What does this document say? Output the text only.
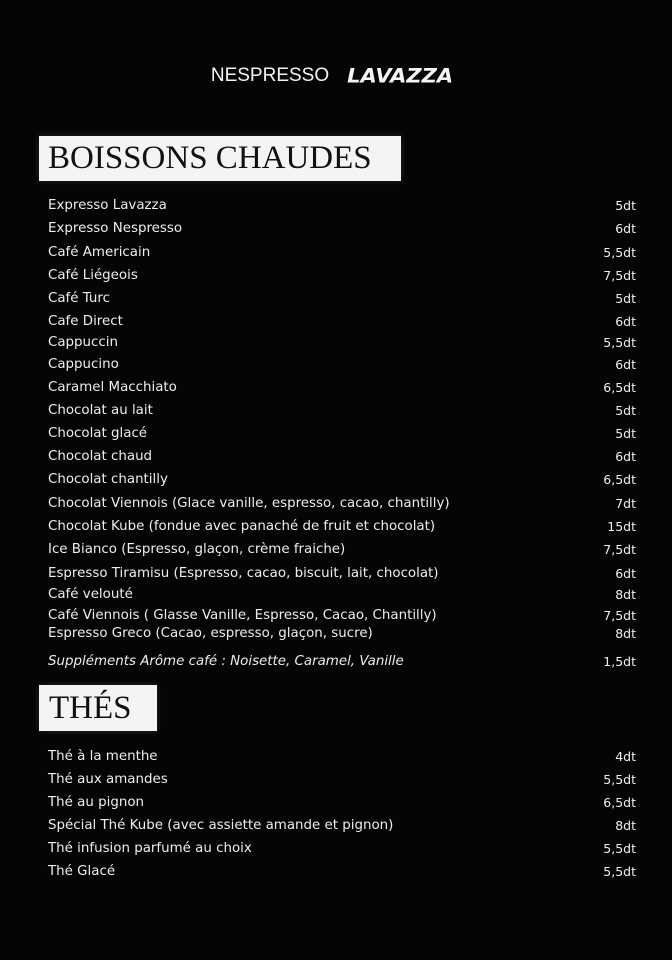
NESPRESSO LAVAZZA
BOISSONS CHAUDES
Expresso Lavazza	5dt
Expresso Nespresso	6dt
Café Americain	5,5dt
Café Liégeois	7,5dt
Café Turc	5dt
Cafe Direct	6dt
Cappuccin	5,5dt
Cappucino	6dt
Caramel Macchiato	6,5dt
Chocolat au lait	5dt
Chocolat glacé	5dt
Chocolat chaud	6dt
Chocolat chantilly	6,5dt
Chocolat Viennois (Glace vanille, espresso, cacao, chantilly)	7dt
Chocolat Kube (fondue avec panaché de fruit et chocolat)	15dt
Ice Bianco (Espresso, glaçon, crème fraiche)	7,5dt
Espresso Tiramisu (Espresso, cacao, biscuit, lait, chocolat)	6dt
Café velouté	8dt
Café Viennois ( Glasse Vanille, Espresso, Cacao, Chantilly)	7,5dt
Espresso Greco (Cacao, espresso, glaçon, sucre)	8dt
Suppléments Arôme café : Noisette, Caramel, Vanille	1,5dt
THÉS
Thé à la menthe	4dt
Thé aux amandes	5,5dt
Thé au pignon	6,5dt
Spécial Thé Kube (avec assiette amande et pignon)	8dt
Thé infusion parfumé au choix	5,5dt
Thé Glacé	5,5dt
